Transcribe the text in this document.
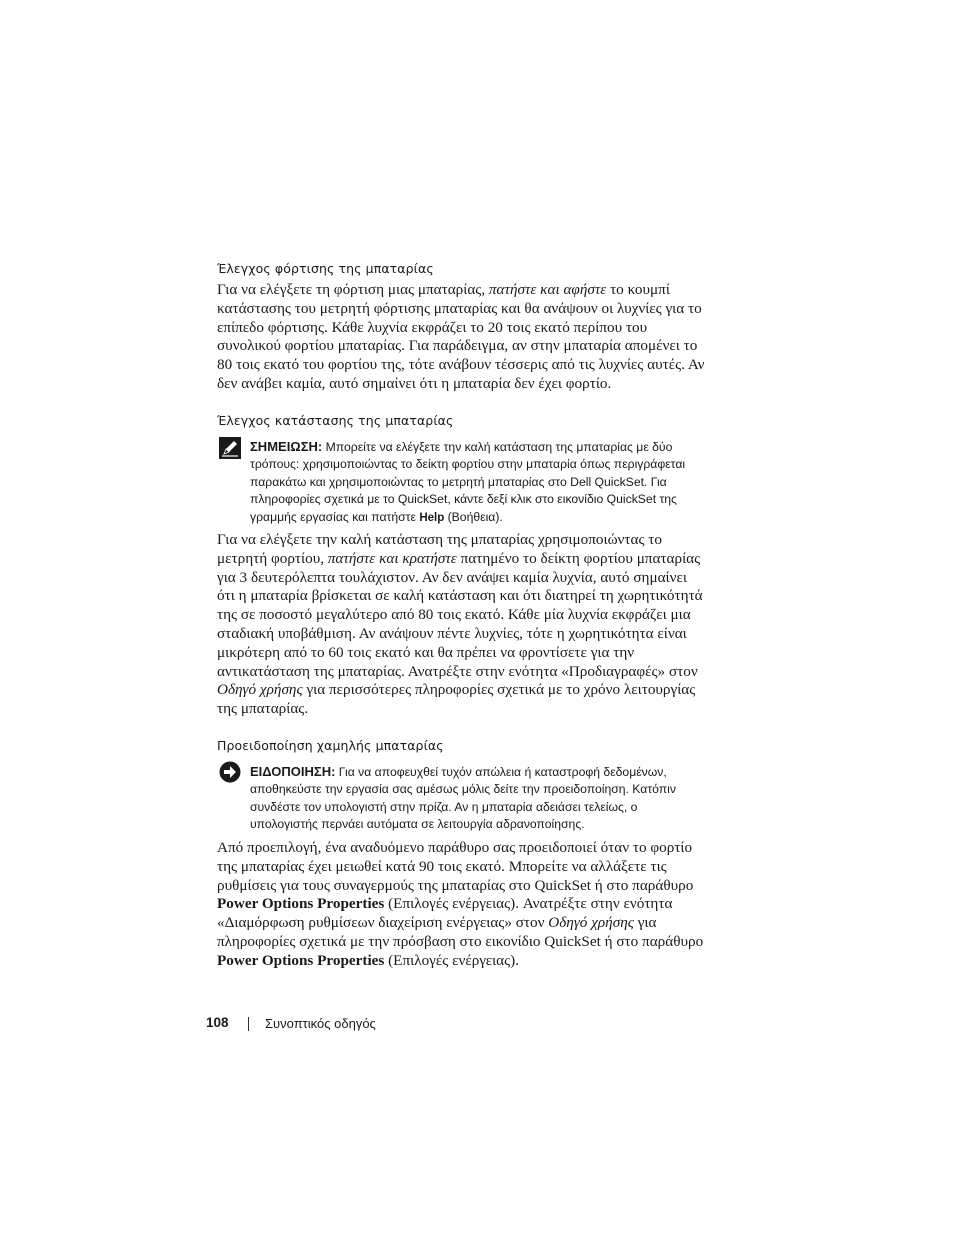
Έλεγχος φόρτισης της μπαταρίας

Για να ελέγξετε τη φόρτιση μιας μπαταρίας, πατήστε και αφήστε το κουμπί

κατάστασης του μετρητή φόρτισης μπαταρίας και θα ανάψουν οι λυχνίες για το

επίπεδο φόρτισης. Κάθε λυχνία εκφράζει το 20 τοις εκατό περίπου του

συνολικού φορτίου μπαταρίας. Για παράδειγμα, αν στην μπαταρία απομένει το

80 τοις εκατό του φορτίου της, τότε ανάβουν τέσσερις από τις λυχνίες αυτές. Αν

δεν ανάβει καμία, αυτό σημαίνει ότι η μπαταρία δεν έχει φορτίο.

Έλεγχος κατάστασης της μπαταρίας

ΣΗΜΕΙΩΣΗ: Μπορείτε να ελέγξετε την καλή κατάσταση της μπαταρίας με δύο

τρόπους: χρησιμοποιώντας το δείκτη φορτίου στην μπαταρία όπως περιγράφεται

παρακάτω και χρησιμοποιώντας το μετρητή μπαταρίας στο Dell QuickSet. Για

πληροφορίες σχετικά με το QuickSet, κάντε δεξί κλικ στο εικονίδιο QuickSet της

γραμμής εργασίας και πατήστε Help (Βοήθεια).

Για να ελέγξετε την καλή κατάσταση της μπαταρίας χρησιμοποιώντας το

μετρητή φορτίου, πατήστε και κρατήστε πατημένο το δείκτη φορτίου μπαταρίας

για 3 δευτερόλεπτα τουλάχιστον. Αν δεν ανάψει καμία λυχνία, αυτό σημαίνει

ότι η μπαταρία βρίσκεται σε καλή κατάσταση και ότι διατηρεί τη χωρητικότητά

της σε ποσοστό μεγαλύτερο από 80 τοις εκατό. Κάθε μία λυχνία εκφράζει μια

σταδιακή υποβάθμιση. Αν ανάψουν πέντε λυχνίες, τότε η χωρητικότητα είναι

μικρότερη από το 60 τοις εκατό και θα πρέπει να φροντίσετε για την

αντικατάσταση της μπαταρίας. Ανατρέξτε στην ενότητα «Προδιαγραφές» στον

Οδηγό χρήσης για περισσότερες πληροφορίες σχετικά με το χρόνο λειτουργίας

της μπαταρίας.

Προειδοποίηση χαμηλής μπαταρίας

ΕΙΔΟΠΟΙΗΣΗ: Για να αποφευχθεί τυχόν απώλεια ή καταστροφή δεδομένων,

αποθηκεύστε την εργασία σας αμέσως μόλις δείτε την προειδοποίηση. Κατόπιν

συνδέστε τον υπολογιστή στην πρίζα. Αν η μπαταρία αδειάσει τελείως, ο

υπολογιστής περνάει αυτόματα σε λειτουργία αδρανοποίησης.

Από προεπιλογή, ένα αναδυόμενο παράθυρο σας προειδοποιεί όταν το φορτίο

της μπαταρίας έχει μειωθεί κατά 90 τοις εκατό. Μπορείτε να αλλάξετε τις

ρυθμίσεις για τους συναγερμούς της μπαταρίας στο QuickSet ή στο παράθυρο

Power Options Properties (Επιλογές ενέργειας). Ανατρέξτε στην ενότητα

«Διαμόρφωση ρυθμίσεων διαχείριση ενέργειας» στον Οδηγό χρήσης για

πληροφορίες σχετικά με την πρόσβαση στο εικονίδιο QuickSet ή στο παράθυρο

Power Options Properties (Επιλογές ενέργειας).

108	Συνοπτικός οδηγός
